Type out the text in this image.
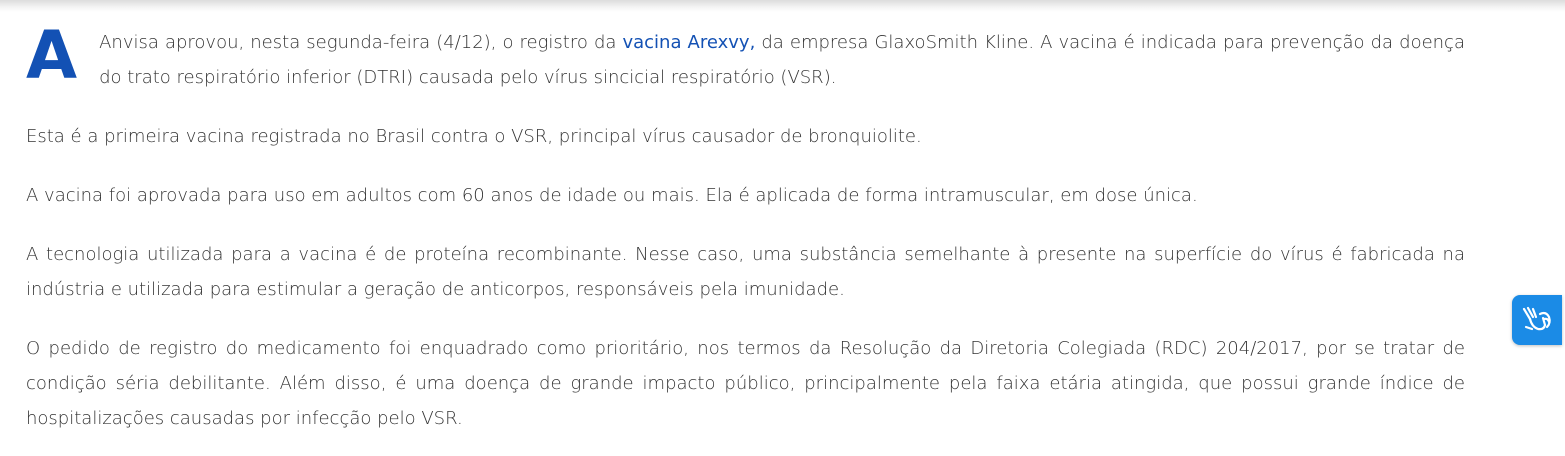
A Anvisa aprovou, nesta segunda-feira (4/12), o registro da vacina Arexvy, da empresa GlaxoSmith Kline. A vacina é indicada para prevenção da doença do trato respiratório inferior (DTRI) causada pelo vírus sincicial respiratório (VSR).

Esta é a primeira vacina registrada no Brasil contra o VSR, principal vírus causador de bronquiolite.

A vacina foi aprovada para uso em adultos com 60 anos de idade ou mais. Ela é aplicada de forma intramuscular, em dose única.

A tecnologia utilizada para a vacina é de proteína recombinante. Nesse caso, uma substância semelhante à presente na superfície do vírus é fabricada na indústria e utilizada para estimular a geração de anticorpos, responsáveis pela imunidade.

O pedido de registro do medicamento foi enquadrado como prioritário, nos termos da Resolução da Diretoria Colegiada (RDC) 204/2017, por se tratar de condição séria debilitante. Além disso, é uma doença de grande impacto público, principalmente pela faixa etária atingida, que possui grande índice de hospitalizações causadas por infecção pelo VSR.
